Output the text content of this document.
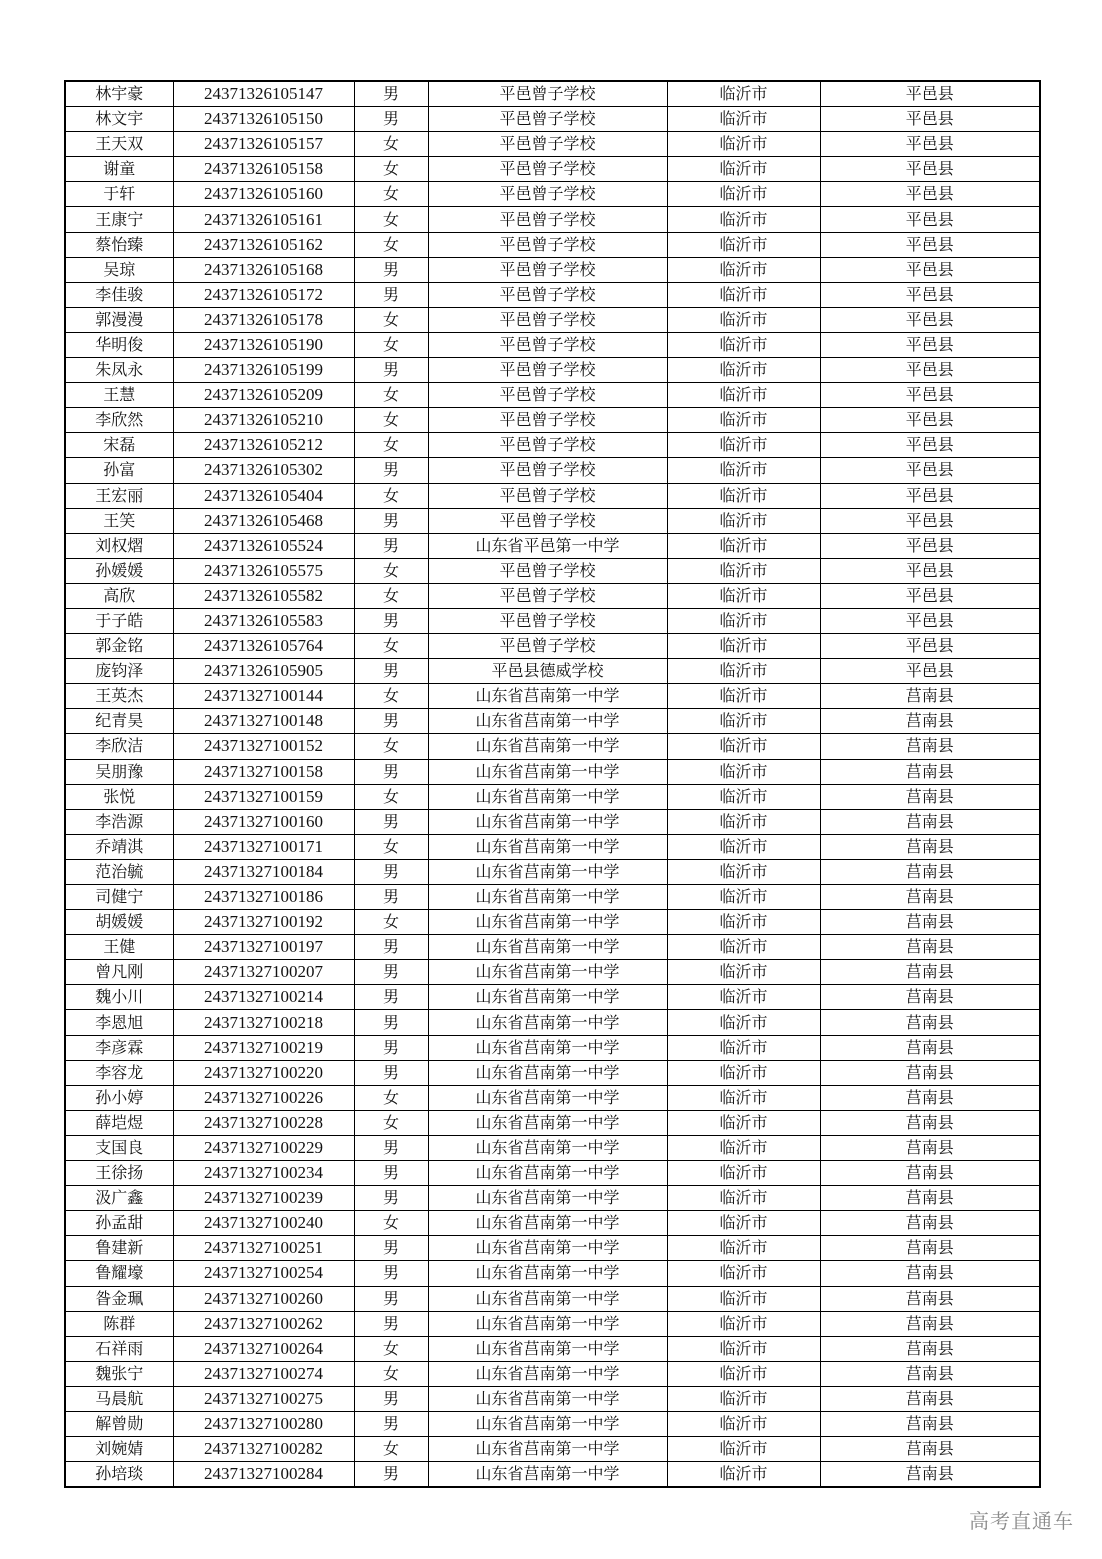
林宇豪	24371326105147	男	平邑曾子学校	临沂市	平邑县
林文宇	24371326105150	男	平邑曾子学校	临沂市	平邑县
王天双	24371326105157	女	平邑曾子学校	临沂市	平邑县
谢童	24371326105158	女	平邑曾子学校	临沂市	平邑县
于轩	24371326105160	女	平邑曾子学校	临沂市	平邑县
王康宁	24371326105161	女	平邑曾子学校	临沂市	平邑县
蔡怡臻	24371326105162	女	平邑曾子学校	临沂市	平邑县
吴琼	24371326105168	男	平邑曾子学校	临沂市	平邑县
李佳骏	24371326105172	男	平邑曾子学校	临沂市	平邑县
郭漫漫	24371326105178	女	平邑曾子学校	临沂市	平邑县
华明俊	24371326105190	女	平邑曾子学校	临沂市	平邑县
朱凤永	24371326105199	男	平邑曾子学校	临沂市	平邑县
王慧	24371326105209	女	平邑曾子学校	临沂市	平邑县
李欣然	24371326105210	女	平邑曾子学校	临沂市	平邑县
宋磊	24371326105212	女	平邑曾子学校	临沂市	平邑县
孙富	24371326105302	男	平邑曾子学校	临沂市	平邑县
王宏丽	24371326105404	女	平邑曾子学校	临沂市	平邑县
王笑	24371326105468	男	平邑曾子学校	临沂市	平邑县
刘权熠	24371326105524	男	山东省平邑第一中学	临沂市	平邑县
孙媛媛	24371326105575	女	平邑曾子学校	临沂市	平邑县
高欣	24371326105582	女	平邑曾子学校	临沂市	平邑县
于子皓	24371326105583	男	平邑曾子学校	临沂市	平邑县
郭金铭	24371326105764	女	平邑曾子学校	临沂市	平邑县
庞钧泽	24371326105905	男	平邑县德威学校	临沂市	平邑县
王英杰	24371327100144	女	山东省莒南第一中学	临沂市	莒南县
纪青昊	24371327100148	男	山东省莒南第一中学	临沂市	莒南县
李欣洁	24371327100152	女	山东省莒南第一中学	临沂市	莒南县
吴朋豫	24371327100158	男	山东省莒南第一中学	临沂市	莒南县
张悦	24371327100159	女	山东省莒南第一中学	临沂市	莒南县
李浩源	24371327100160	男	山东省莒南第一中学	临沂市	莒南县
乔靖淇	24371327100171	女	山东省莒南第一中学	临沂市	莒南县
范治毓	24371327100184	男	山东省莒南第一中学	临沂市	莒南县
司健宁	24371327100186	男	山东省莒南第一中学	临沂市	莒南县
胡媛媛	24371327100192	女	山东省莒南第一中学	临沂市	莒南县
王健	24371327100197	男	山东省莒南第一中学	临沂市	莒南县
曾凡刚	24371327100207	男	山东省莒南第一中学	临沂市	莒南县
魏小川	24371327100214	男	山东省莒南第一中学	临沂市	莒南县
李恩旭	24371327100218	男	山东省莒南第一中学	临沂市	莒南县
李彦霖	24371327100219	男	山东省莒南第一中学	临沂市	莒南县
李容龙	24371327100220	男	山东省莒南第一中学	临沂市	莒南县
孙小婷	24371327100226	女	山东省莒南第一中学	临沂市	莒南县
薛垲煜	24371327100228	女	山东省莒南第一中学	临沂市	莒南县
支国良	24371327100229	男	山东省莒南第一中学	临沂市	莒南县
王徐扬	24371327100234	男	山东省莒南第一中学	临沂市	莒南县
汲广鑫	24371327100239	男	山东省莒南第一中学	临沂市	莒南县
孙孟甜	24371327100240	女	山东省莒南第一中学	临沂市	莒南县
鲁建新	24371327100251	男	山东省莒南第一中学	临沂市	莒南县
鲁耀壕	24371327100254	男	山东省莒南第一中学	临沂市	莒南县
昝金珮	24371327100260	男	山东省莒南第一中学	临沂市	莒南县
陈群	24371327100262	男	山东省莒南第一中学	临沂市	莒南县
石祥雨	24371327100264	女	山东省莒南第一中学	临沂市	莒南县
魏张宁	24371327100274	女	山东省莒南第一中学	临沂市	莒南县
马晨航	24371327100275	男	山东省莒南第一中学	临沂市	莒南县
解曾勋	24371327100280	男	山东省莒南第一中学	临沂市	莒南县
刘婉婧	24371327100282	女	山东省莒南第一中学	临沂市	莒南县
孙培琰	24371327100284	男	山东省莒南第一中学	临沂市	莒南县
高考直通车
